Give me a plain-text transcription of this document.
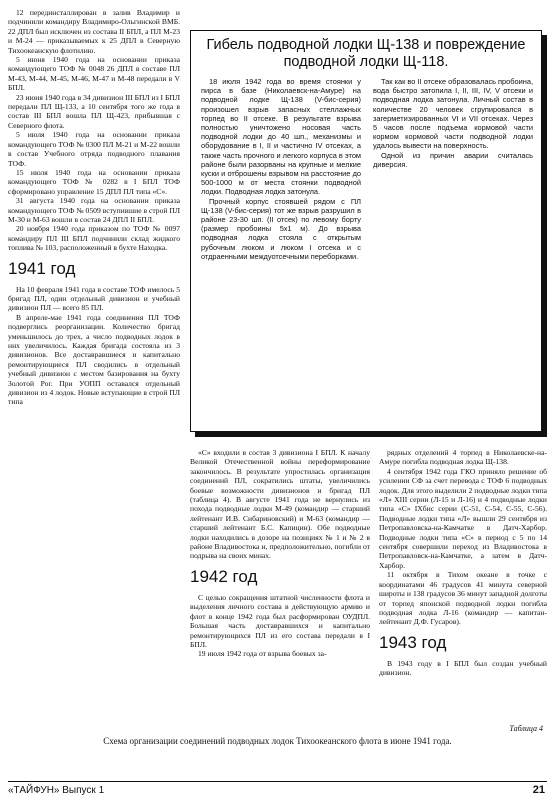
12 перединсталлирован в залив Владимир и подчинили командиру Владимиро-Ольгинской ВМБ. 22 ДПЛ был исключен из состава II БПЛ, а ПЛ М-23 и М-24 — приказываемых к 25 ДПЛ в Северную Тихоокеанскую флотилию.

5 июня 1940 года на основании приказа командующего ТОФ № 0048 26 ДПЛ в составе ПЛ М-43, М-44, М-45, М-46, М-47 и М-48 передали в V БПЛ.

23 июня 1940 года в 34 дивизион III БПЛ из I БПЛ передали ПЛ Щ-133, а 10 сентября того же года в состав III БПЛ вошла ПЛ Щ-423, прибывшая с Северного флота.

5 июля 1940 года на основании приказа командующего ТОФ № 0300 ПЛ М-21 и М-22 вошли в состав Учебного отряда подводного плавания ТОФ.

15 июля 1940 года на основании приказа командующего ТОФ № 0282 в I БПЛ ТОФ сформировано управление 15 ДПЛ ПЛ типа «С».

31 августа 1940 года на основании приказа командующего ТОФ № 0509 вступившие в строй ПЛ М-30 и М-63 вошли в состав 24 ДПЛ II БПЛ.

20 ноября 1940 года приказом по ТОФ № 0097 командиру ПЛ III БПЛ подчинили склад жидкого топлива № 103, расположенный в бухте Находка.

1941 год

На 10 февраля 1941 года в составе ТОФ имелось 5 бригад ПЛ, один отдельный дивизион и учебный дивизион ПЛ — всего 85 ПЛ.

В апреле-мае 1941 года соединения ПЛ ТОФ подверглись реорганизации. Количество бригад уменьшилось до трех, а число подводных лодок в них увеличилось. Каждая бригада состояла из 3 дивизионов. Все доставравшиеся и капитально ремонтирующиеся ПЛ сводились в отдельный учебный дивизион с местом базирования на бухту Золотой Рог. При УОПП оставался отдельный дивизион из 4 лодок. Новые вступающие в строй ПЛ типа

Гибель подводной лодки Щ-138 и повреждение подводной лодки Щ-118.

18 июля 1942 года во время стоянки у пирса в базе (Николаевск-на-Амуре) на подводной лодке Щ-138 (V-бис-серия) произошел взрыв запасных стеллажных торпед во II отсеке. В результате взрыва полностью уничтожено носовая часть подводной лодки до 40 шп., механизмы и оборудование в I, II и частично IV отсеках, а также часть прочного и легкого корпуса в этом районе были разорваны на крупные и мелкие куски и отброшены взрывом на расстояние до 500-1000 м от места стоянки подводной лодки. Подводная лодка затонула.

Прочный корпус стоявшей рядом с ПЛ Щ-138 (V-бис-серия) тот же взрыв разрушил в районе 23-30 шп. (II отсек) по левому борту (размер пробоины 5х1 м). До взрыва подводная лодка стояла с открытым рубочным люком и люком I отсека и с отдраенными междуотсечными переборками.

Так как во II отсеке образовалась пробоина, вода быстро затопила I, II, III, IV, V отсеки и подводная лодка затонула. Личный состав в количестве 20 человек сгрупировался в загерметизированных VI и VII отсеках. Через 5 часов после подъема кормовой части кормом кормовой части подводной лодки удалось вывести на поверхность.

Одной из причин аварии считалась диверсия.

«С» входили в состав 3 дивизиона I БПЛ. К началу Великой Отечественной войны переформирование закончилось. В результате упростилась организация соединений ПЛ, сократились штаты, увеличились боевые возможности дивизионов и бригад ПЛ (таблица 4). В августе 1941 года не вернулись из похода подводные лодки М-49 (командир — старший лейтенант И.В. Сибариновский) и М-63 (командир — старший лейтенант Б.С. Капицин). Обе подводные лодки находились в дозоре на позициях № 1 и № 2 в районе Владивостока и, предположительно, погибли от подрыва на своих минах.

1942 год

С целью сокращения штатной численности флота и выделения личного состава в действующую армию и флот в конце 1942 года был расформирован ОУДПЛ. Большая часть доставравшихся и капитально ремонтирующихся ПЛ из его состава передали в I БПЛ.

19 июля 1942 года от взрыва боевых за-

рядных отделений 4 торпед в Николаевске-на-Амуре погибла подводная лодка Щ-138.

4 сентября 1942 года ГКО приняло решение об усилении СФ за счет перевода с ТОФ 6 подводных лодок. Для этого выделили 2 подводные лодки типа «Л» XIII серии (Л-15 и Л-16) и 4 подводные лодки типа «С» IXбис серии (С-51, С-54, С-55, С-56). Подводные лодки типа «Л» вышли 29 сентября из Петропавловска-на-Камчатке в Датч-Харбор. Подводные лодки типа «С» в период с 5 по 14 сентября совершили переход из Владивостока в Петропавловск-на-Камчатке, а затем в Датч-Харбор.

11 октября в Тихом океане в точке с координатами 46 градусов 41 минута северной широты и 138 градусов 36 минут западной долготы от торпед японской подводной лодки погибла подводная лодка Л-16 (командир — капитан-лейтенант Д.Ф. Гусаров).

1943 год

В 1943 году в I БПЛ был создан учебный дивизион.

Таблица 4
Схема организации соединений подводных лодок Тихоокеанского флота в июне 1941 года.
«ТАЙФУН» Выпуск 1	21
